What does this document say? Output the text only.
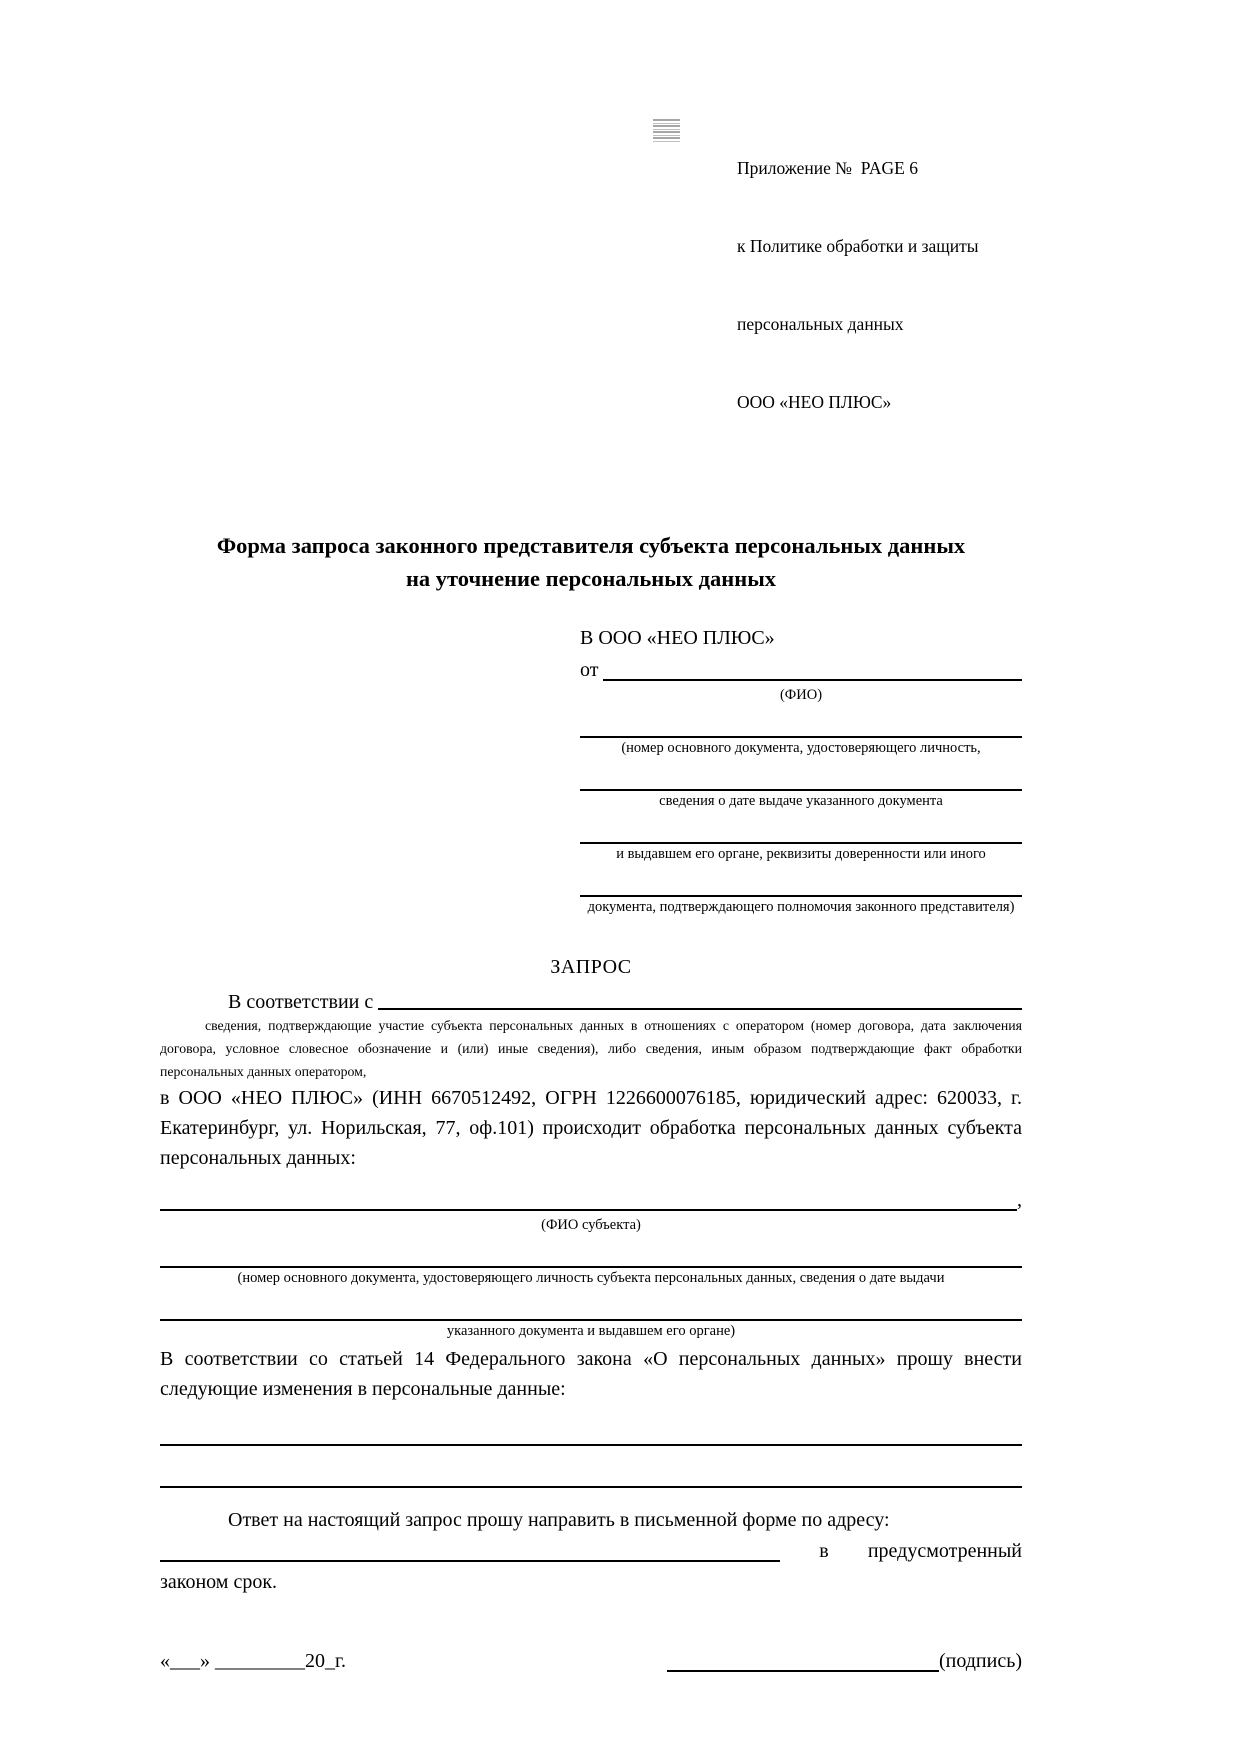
Приложение №  PAGE 6

к Политике обработки и защиты

персональных данных

ООО «НЕО ПЛЮС»

Форма запроса законного представителя субъекта персональных данных
на уточнение персональных данных
В ООО «НЕО ПЛЮС»
от
(ФИО)
(номер основного документа, удостоверяющего личность,
сведения о дате выдаче указанного документа
и выдавшем его органе, реквизиты доверенности или иного
документа, подтверждающего полномочия законного представителя)
ЗАПРОС
В соответствии с
сведения, подтверждающие участие субъекта персональных данных в отношениях с оператором (номер договора, дата заключения договора, условное словесное обозначение и (или) иные сведения), либо сведения, иным образом подтверждающие факт обработки персональных данных оператором,
в ООО «НЕО ПЛЮС» (ИНН 6670512492, ОГРН 1226600076185, юридический адрес: 620033, г. Екатеринбург, ул. Норильская, 77, оф.101) происходит обработка персональных данных субъекта персональных данных:
,
(ФИО субъекта)
(номер основного документа, удостоверяющего личность субъекта персональных данных, сведения о дате выдачи
указанного документа и выдавшем его органе)
В соответствии со статьей 14 Федерального закона «О персональных данных» прошу внести следующие изменения в персональные данные:
Ответ на настоящий запрос прошу направить в письменной форме по адресу:
в предусмотренный
законом срок.
«___» _________20_г.	(подпись)
